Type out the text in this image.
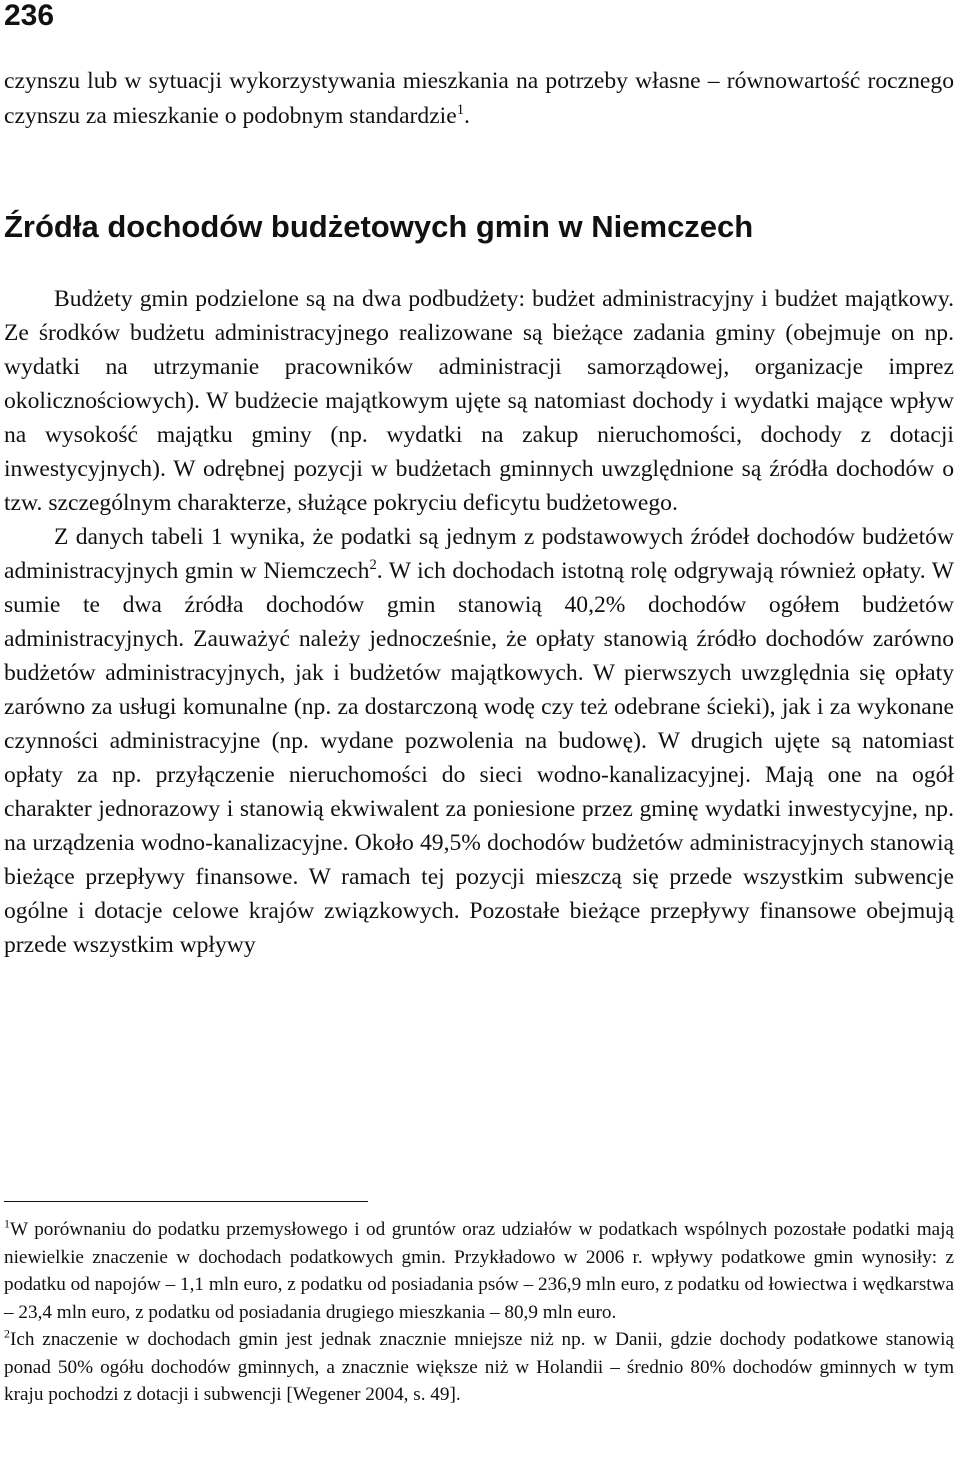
236

czynszu lub w sytuacji wykorzystywania mieszkania na potrzeby własne – równowartość rocznego czynszu za mieszkanie o podobnym standardzie$^1$.

Źródła dochodów budżetowych gmin w Niemczech

Budżety gmin podzielone są na dwa podbudżety: budżet administracyjny i budżet majątkowy. Ze środków budżetu administracyjnego realizowane są bieżące zadania gminy (obejmuje on np. wydatki na utrzymanie pracowników administracji samorządowej, organizacje imprez okolicznościowych). W budżecie majątkowym ujęte są natomiast dochody i wydatki mające wpływ na wysokość majątku gminy (np. wydatki na zakup nieruchomości, dochody z dotacji inwestycyjnych). W odrębnej pozycji w budżetach gminnych uwzględnione są źródła dochodów o tzw. szczególnym charakterze, służące pokryciu deficytu budżetowego.

Z danych tabeli 1 wynika, że podatki są jednym z podstawowych źródeł dochodów budżetów administracyjnych gmin w Niemczech$^2$. W ich dochodach istotną rolę odgrywają również opłaty. W sumie te dwa źródła dochodów gmin stanowią 40,2% dochodów ogółem budżetów administracyjnych. Zauważyć należy jednocześnie, że opłaty stanowią źródło dochodów zarówno budżetów administracyjnych, jak i budżetów majątkowych. W pierwszych uwzględnia się opłaty zarówno za usługi komunalne (np. za dostarczoną wodę czy też odebrane ścieki), jak i za wykonane czynności administracyjne (np. wydane pozwolenia na budowę). W drugich ujęte są natomiast opłaty za np. przyłączenie nieruchomości do sieci wodno-kanalizacyjnej. Mają one na ogół charakter jednorazowy i stanowią ekwiwalent za poniesione przez gminę wydatki inwestycyjne, np. na urządzenia wodno-kanalizacyjne. Około 49,5% dochodów budżetów administracyjnych stanowią bieżące przepływy finansowe. W ramach tej pozycji mieszczą się przede wszystkim subwencje ogólne i dotacje celowe krajów związkowych. Pozostałe bieżące przepływy finansowe obejmują przede wszystkim wpływy

$^1$W porównaniu do podatku przemysłowego i od gruntów oraz udziałów w podatkach wspólnych pozostałe podatki mają niewielkie znaczenie w dochodach podatkowych gmin. Przykładowo w 2006 r. wpływy podatkowe gmin wynosiły: z podatku od napojów – 1,1 mln euro, z podatku od posiadania psów – 236,9 mln euro, z podatku od łowiectwa i wędkarstwa – 23,4 mln euro, z podatku od posiadania drugiego mieszkania – 80,9 mln euro.

$^2$Ich znaczenie w dochodach gmin jest jednak znacznie mniejsze niż np. w Danii, gdzie dochody podatkowe stanowią ponad 50% ogółu dochodów gminnych, a znacznie większe niż w Holandii – średnio 80% dochodów gminnych w tym kraju pochodzi z dotacji i subwencji [Wegener 2004, s. 49].
